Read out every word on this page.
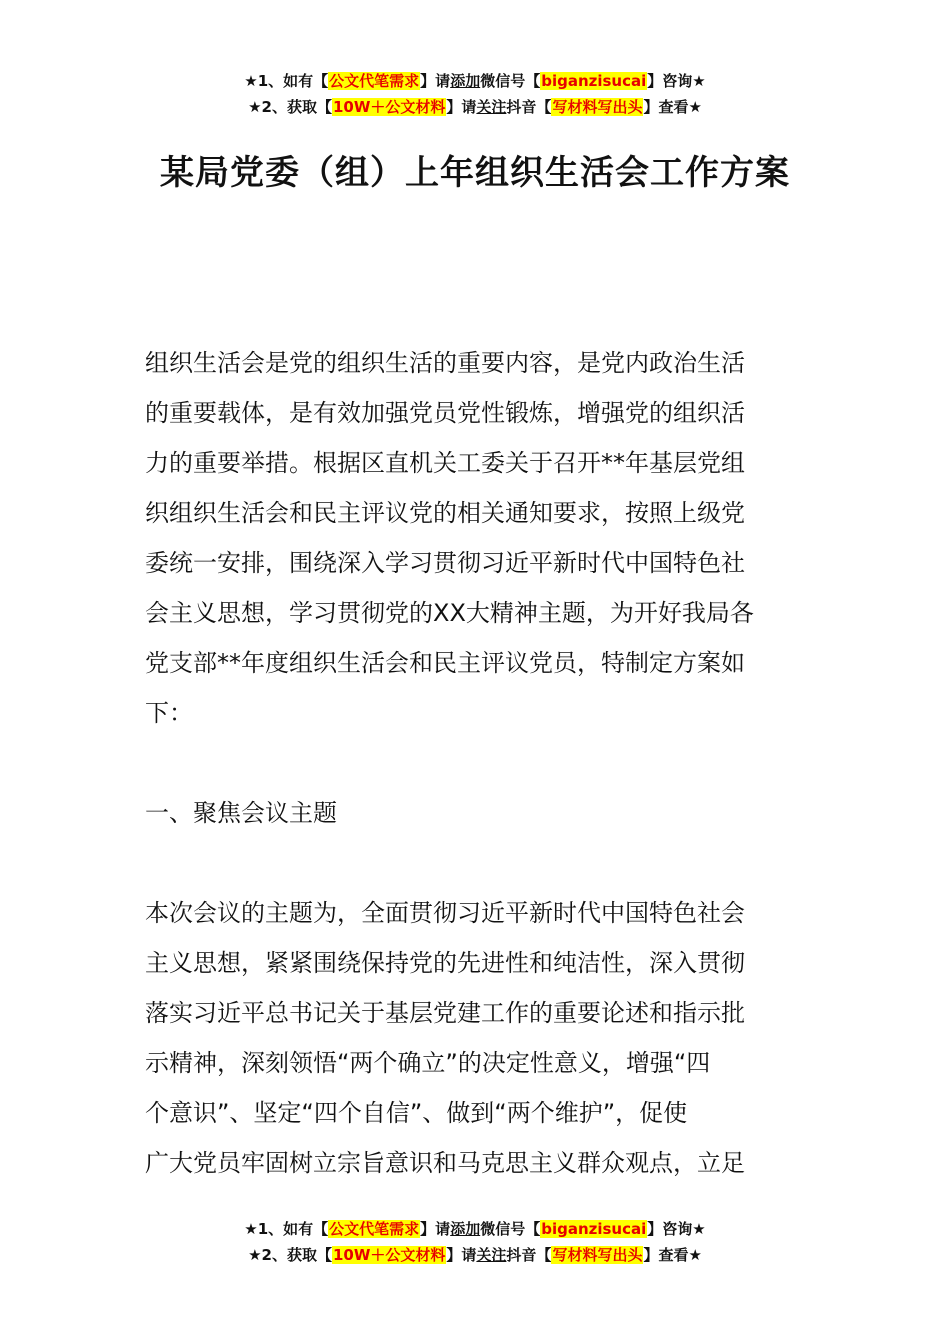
★1、如有【公文代笔需求】请添加微信号【biganzisucai】咨询★
★2、获取【10W＋公文材料】请关注抖音【写材料写出头】查看★
某局党委（组）上年组织生活会工作方案

组织生活会是党的组织生活的重要内容，是党内政治生活
的重要载体，是有效加强党员党性锻炼，增强党的组织活
力的重要举措。根据区直机关工委关于召开**年基层党组
织组织生活会和民主评议党的相关通知要求，按照上级党
委统一安排，围绕深入学习贯彻习近平新时代中国特色社
会主义思想，学习贯彻党的XX大精神主题，为开好我局各
党支部**年度组织生活会和民主评议党员，特制定方案如
下：

一、聚焦会议主题

本次会议的主题为，全面贯彻习近平新时代中国特色社会
主义思想，紧紧围绕保持党的先进性和纯洁性，深入贯彻
落实习近平总书记关于基层党建工作的重要论述和指示批
示精神，深刻领悟“两个确立”的决定性意义，增强“四
个意识”、坚定“四个自信”、做到“两个维护”，促使
广大党员牢固树立宗旨意识和马克思主义群众观点，立足

★1、如有【公文代笔需求】请添加微信号【biganzisucai】咨询★
★2、获取【10W＋公文材料】请关注抖音【写材料写出头】查看★
